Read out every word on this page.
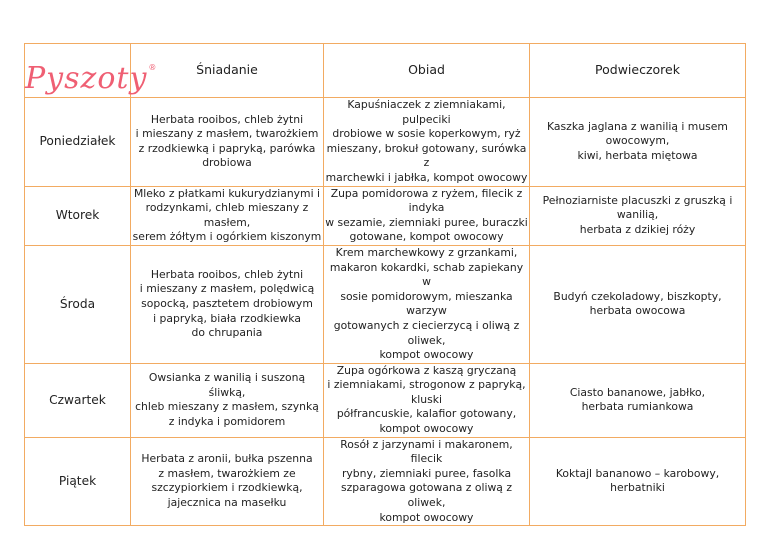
Pyszoty®	Śniadanie	Obiad	Podwieczorek
Poniedziałek	Herbata rooibos, chleb żytni
i mieszany z masłem, twarożkiem
z rzodkiewką i papryką, parówka
drobiowa	Kapuśniaczek z ziemniakami, pulpeciki
drobiowe w sosie koperkowym, ryż
mieszany, brokuł gotowany, surówka z
marchewki i jabłka, kompot owocowy	Kaszka jaglana z wanilią i musem owocowym,
kiwi, herbata miętowa
Wtorek	Mleko z płatkami kukurydzianymi i
rodzynkami, chleb mieszany z masłem,
serem żółtym i ogórkiem kiszonym	Zupa pomidorowa z ryżem, filecik z indyka
w sezamie, ziemniaki puree, buraczki
gotowane, kompot owocowy	Pełnoziarniste placuszki z gruszką i wanilią,
herbata z dzikiej róży
Środa	Herbata rooibos, chleb żytni
i mieszany z masłem, polędwicą
sopocką, pasztetem drobiowym
i papryką, biała rzodkiewka
do chrupania	Krem marchewkowy z grzankami,
makaron kokardki, schab zapiekany w
sosie pomidorowym, mieszanka warzyw
gotowanych z ciecierzycą i oliwą z oliwek,
kompot owocowy	Budyń czekoladowy, biszkopty,
herbata owocowa
Czwartek	Owsianka z wanilią i suszoną śliwką,
chleb mieszany z masłem, szynką
z indyka i pomidorem	Zupa ogórkowa z kaszą gryczaną
i ziemniakami, strogonow z papryką, kluski
półfrancuskie, kalafior gotowany,
kompot owocowy	Ciasto bananowe, jabłko,
herbata rumiankowa
Piątek	Herbata z aronii, bułka pszenna
z masłem, twarożkiem ze
szczypiorkiem i rzodkiewką,
jajecznica na masełku	Rosół z jarzynami i makaronem, filecik
rybny, ziemniaki puree, fasolka
szparagowa gotowana z oliwą z oliwek,
kompot owocowy	Koktajl bananowo – karobowy,
herbatniki
